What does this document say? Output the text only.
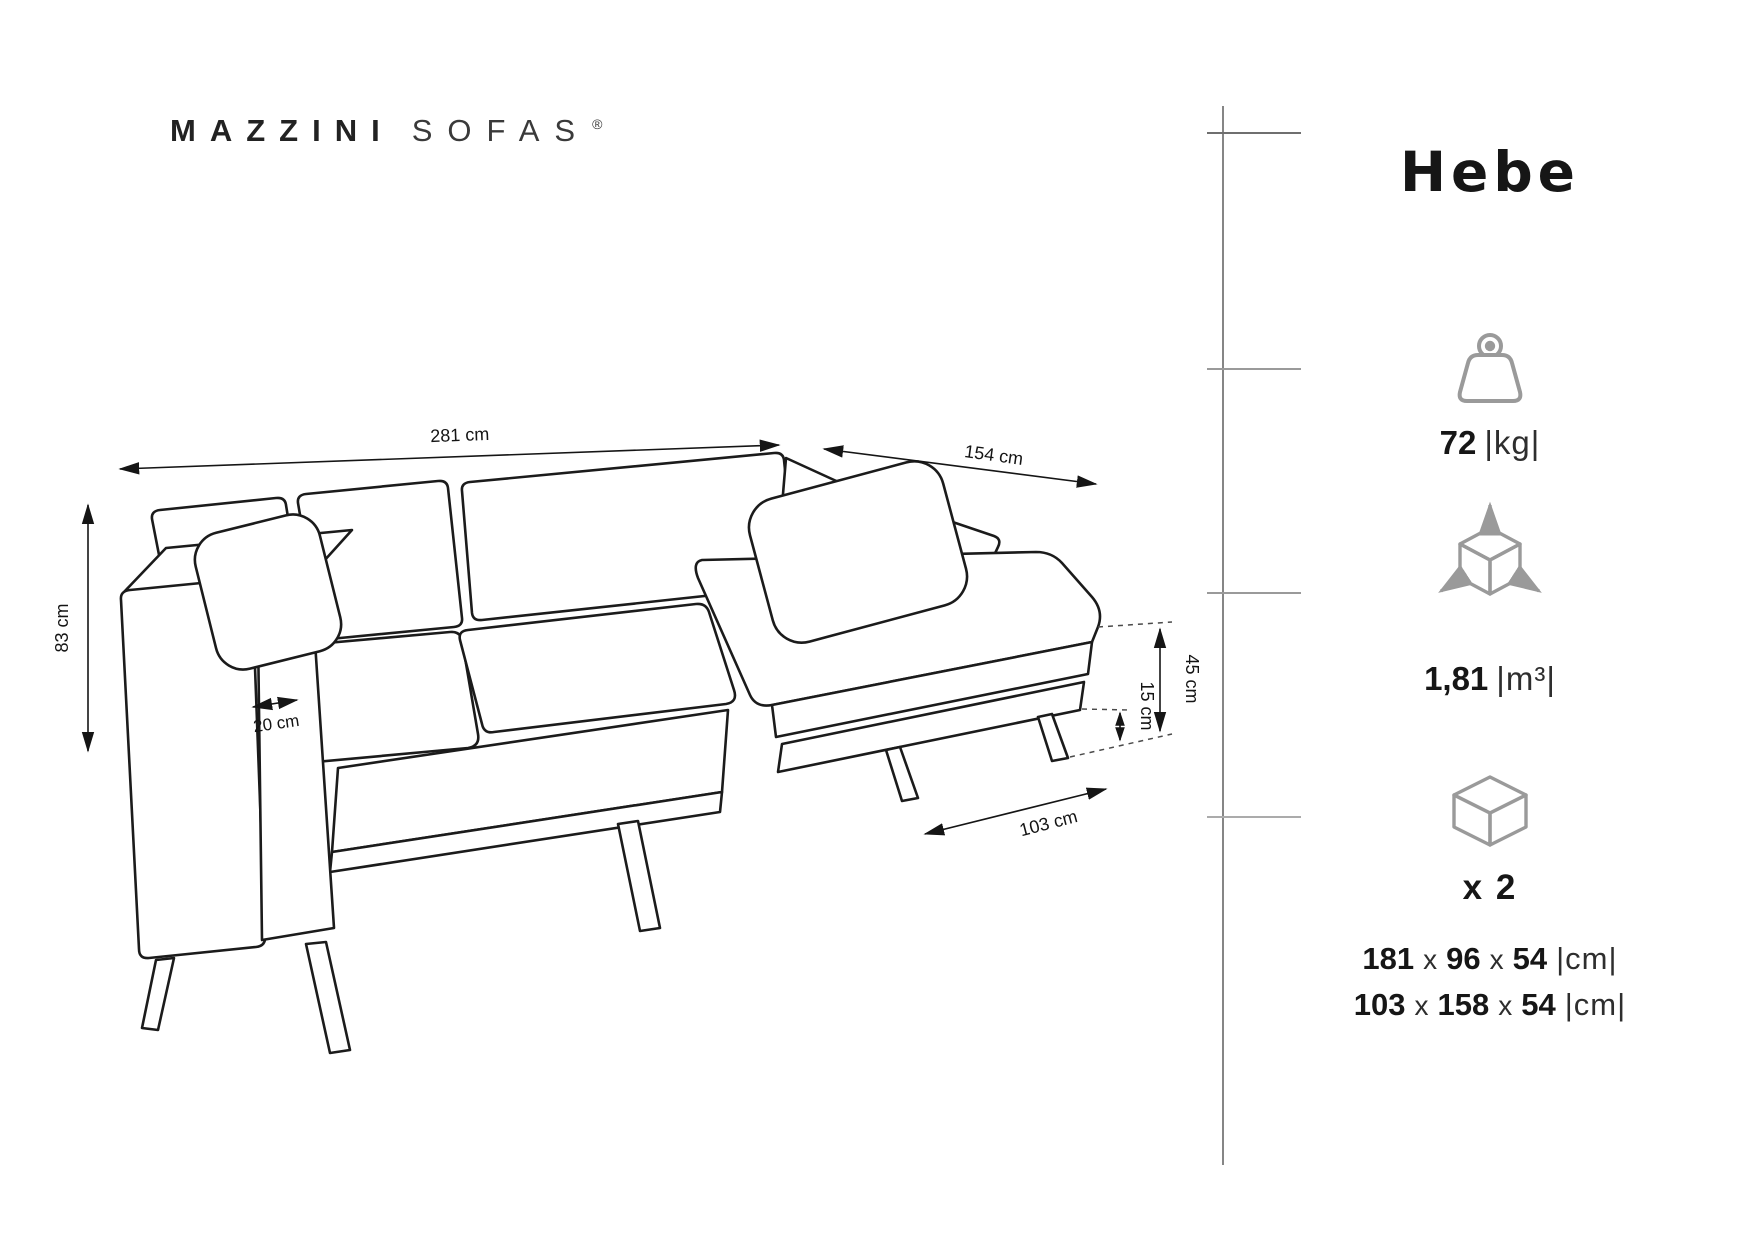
MAZZINI SOFAS ®
281 cm
154 cm
83 cm
20 cm
45 cm
15 cm
103 cm
Hebe
72 |kg|
1,81 |m³|
x 2
181 x 96 x 54 |cm|
103 x 158 x 54 |cm|
